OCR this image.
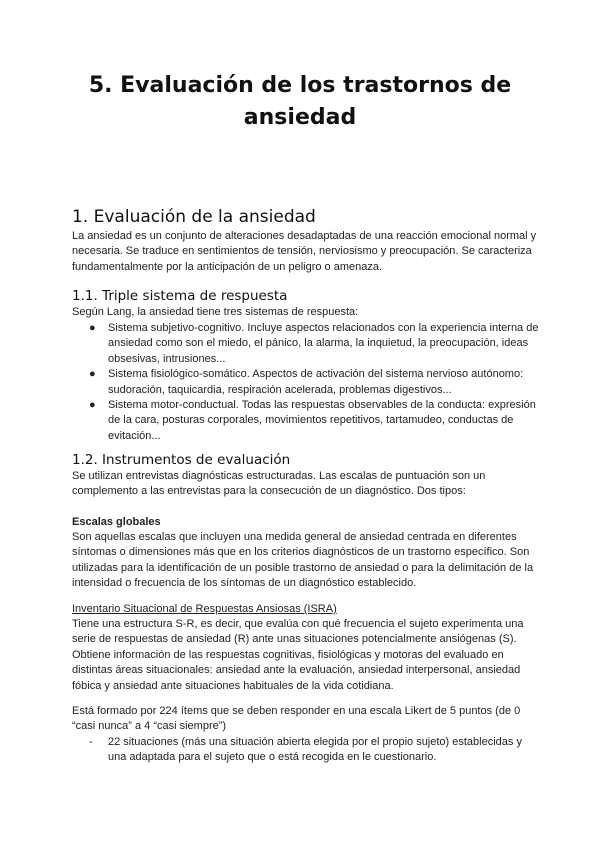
5. Evaluación de los trastornos de ansiedad
1. Evaluación de la ansiedad

La ansiedad es un conjunto de alteraciones desadaptadas de una reacción emocional normal y necesaria. Se traduce en sentimientos de tensión, nerviosismo y preocupación. Se caracteriza fundamentalmente por la anticipación de un peligro o amenaza.

1.1. Triple sistema de respuesta

Según Lang, la ansiedad tiene tres sistemas de respuesta:

● Sistema subjetivo-cognitivo. Incluye aspectos relacionados con la experiencia interna de ansiedad como son el miedo, el pánico, la alarma, la inquietud, la preocupación, ideas obsesivas, intrusiones...
● Sistema fisiológico-somático. Aspectos de activación del sistema nervioso autónomo: sudoración, taquicardia, respiración acelerada, problemas digestivos...
● Sistema motor-conductual. Todas las respuestas observables de la conducta: expresión de la cara, posturas corporales, movimientos repetitivos, tartamudeo, conductas de evitación...
1.2. Instrumentos de evaluación

Se utilizan entrevistas diagnósticas estructuradas. Las escalas de puntuación son un complemento a las entrevistas para la consecución de un diagnóstico. Dos tipos:

Escalas globales

Son aquellas escalas que incluyen una medida general de ansiedad centrada en diferentes síntomas o dimensiones más que en los criterios diagnósticos de un trastorno específico. Son utilizadas para la identificación de un posible trastorno de ansiedad o para la delimitación de la intensidad o frecuencia de los síntomas de un diagnóstico establecido.

Inventario Situacional de Respuestas Ansiosas (ISRA)

Tiene una estructura S-R, es decir, que evalúa con qué frecuencia el sujeto experimenta una serie de respuestas de ansiedad (R) ante unas situaciones potencialmente ansiógenas (S). Obtiene información de las respuestas cognitivas, fisiológicas y motoras del evaluado en distintas áreas situacionales: ansiedad ante la evaluación, ansiedad interpersonal, ansiedad fóbica y ansiedad ante situaciones habituales de la vida cotidiana.

Está formado por 224 ítems que se deben responder en una escala Likert de 5 puntos (de 0 “casi nunca” a 4 “casi siempre”)

- 22 situaciones (más una situación abierta elegida por el propio sujeto) establecidas y una adaptada para el sujeto que o está recogida en le cuestionario.
